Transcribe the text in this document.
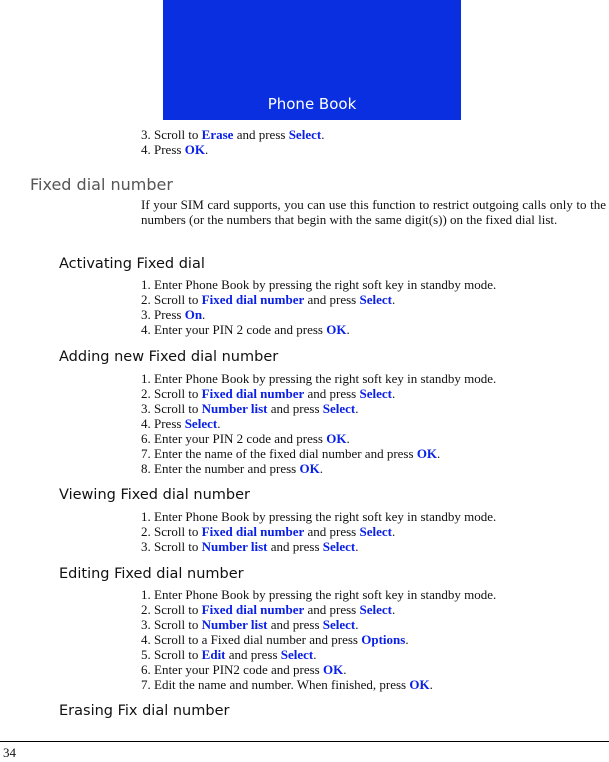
Phone Book
3. Scroll to Erase and press Select.
4. Press OK.
Fixed dial number
If your SIM card supports, you can use this function to restrict outgoing calls only to the numbers (or the numbers that begin with the same digit(s)) on the fixed dial list.
Activating Fixed dial
1. Enter Phone Book by pressing the right soft key in standby mode.
2. Scroll to Fixed dial number and press Select.
3. Press On.
4. Enter your PIN 2 code and press OK.
Adding new Fixed dial number
1. Enter Phone Book by pressing the right soft key in standby mode.
2. Scroll to Fixed dial number and press Select.
3. Scroll to Number list and press Select.
4. Press Select.
6. Enter your PIN 2 code and press OK.
7. Enter the name of the fixed dial number and press OK.
8. Enter the number and press OK.
Viewing Fixed dial number
1. Enter Phone Book by pressing the right soft key in standby mode.
2. Scroll to Fixed dial number and press Select.
3. Scroll to Number list and press Select.
Editing Fixed dial number
1. Enter Phone Book by pressing the right soft key in standby mode.
2. Scroll to Fixed dial number and press Select.
3. Scroll to Number list and press Select.
4. Scroll to a Fixed dial number and press Options.
5. Scroll to Edit and press Select.
6. Enter your PIN2 code and press OK.
7. Edit the name and number. When finished, press OK.
Erasing Fix dial number
34
